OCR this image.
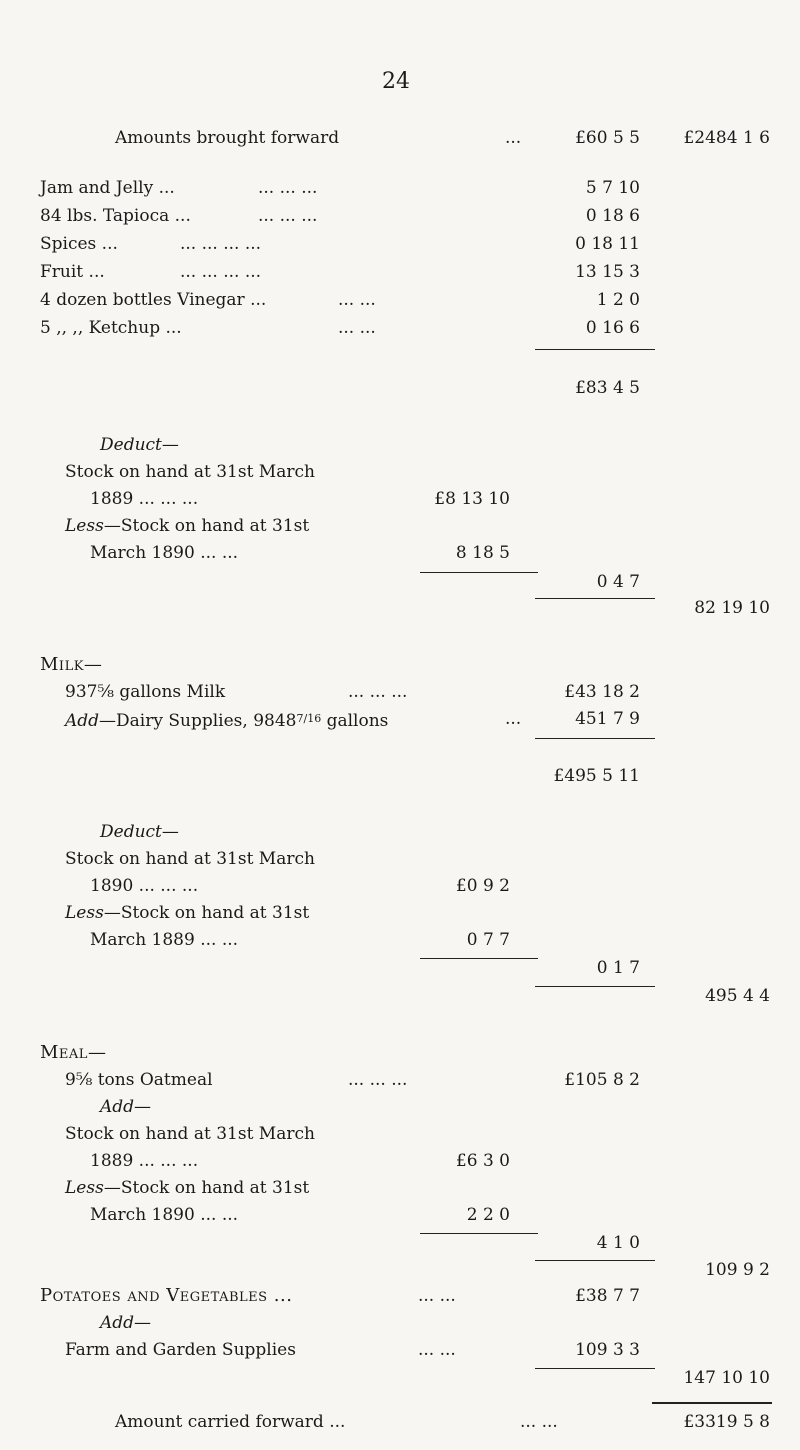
24
Amounts brought forward	...	£60 5 5	£2484 1 6
Jam and Jelly ...	... ... ...	5 7 10
84 lbs. Tapioca ...	... ... ...	0 18 6
Spices ...	... ... ... ...	0 18 11
Fruit ...	... ... ... ...	13 15 3
4 dozen bottles Vinegar ...	... ...	1 2 0
5 ,, ,, Ketchup ...	... ...	0 16 6
£83 4 5
Deduct—
Stock on hand at 31st March
1889 ... ... ...	£8 13 10
Less—Stock on hand at 31st
March 1890 ... ...	8 18 5
0 4 7
82 19 10
Milk—
937⅝ gallons Milk	... ... ...	£43 18 2
Add—Dairy Supplies, $9848^{7/16}$ gallons	...	451 7 9
£495 5 11
Deduct—
Stock on hand at 31st March
1890 ... ... ...	£0 9 2
Less—Stock on hand at 31st
March 1889 ... ...	0 7 7
0 1 7
495 4 4
Meal—
9⅝ tons Oatmeal	... ... ...	£105 8 2
Add—
Stock on hand at 31st March
1889 ... ... ...	£6 3 0
Less—Stock on hand at 31st
March 1890 ... ...	2 2 0
4 1 0
109 9 2
Potatoes and Vegetables ...	... ...	£38 7 7
Add—
Farm and Garden Supplies	... ...	109 3 3
147 10 10
Amount carried forward ...	... ...	£3319 5 8
